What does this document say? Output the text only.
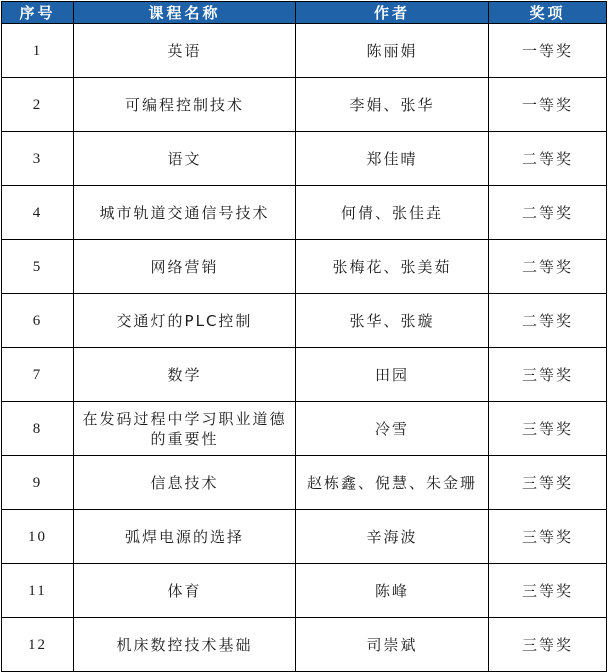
序号	课程名称	作者	奖项
1	英语	陈丽娟	一等奖
2	可编程控制技术	李娟、张华	一等奖
3	语文	郑佳晴	二等奖
4	城市轨道交通信号技术	何倩、张佳垚	二等奖
5	网络营销	张梅花、张美茹	二等奖
6	交通灯的PLC控制	张华、张璇	二等奖
7	数学	田园	三等奖
8	在发码过程中学习职业道德的重要性	冷雪	三等奖
9	信息技术	赵栋鑫、倪慧、朱金珊	三等奖
10	弧焊电源的选择	辛海波	三等奖
11	体育	陈峰	三等奖
12	机床数控技术基础	司崇斌	三等奖
